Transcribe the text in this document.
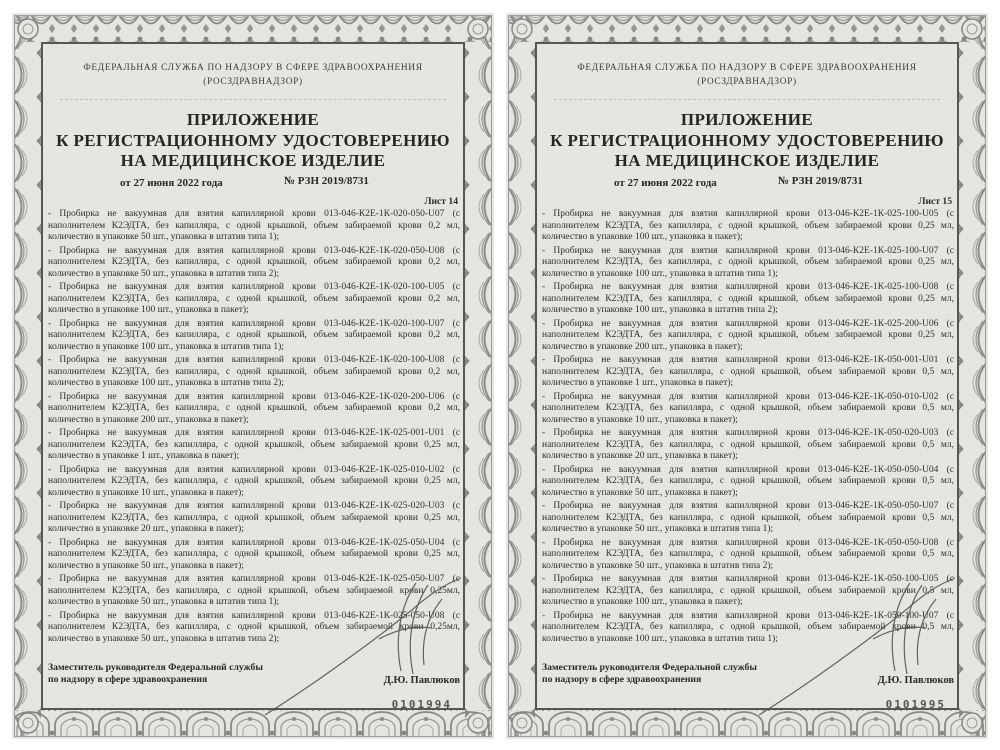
ФЕДЕРАЛЬНАЯ СЛУЖБА ПО НАДЗОРУ В СФЕРЕ ЗДРАВООХРАНЕНИЯ
(РОСЗДРАВНАДЗОР)
ПРИЛОЖЕНИЕ
К РЕГИСТРАЦИОННОМУ УДОСТОВЕРЕНИЮ
НА МЕДИЦИНСКОЕ ИЗДЕЛИЕ
от 27 июня 2022 года	№ РЗН 2019/8731
Лист 14

- Пробирка не вакуумная для взятия капиллярной крови 013-046-К2Е-1К-020-050-U07 (с наполнителем К2ЭДТА, без капилляра, с одной крышкой, объем забираемой крови 0,2 мл, количество в упаковке 50 шт., упаковка в штатив типа 1);

- Пробирка не вакуумная для взятия капиллярной крови 013-046-К2Е-1К-020-050-U08 (с наполнителем К2ЭДТА, без капилляра, с одной крышкой, объем забираемой крови 0,2 мл, количество в упаковке 50 шт., упаковка в штатив типа 2);

- Пробирка не вакуумная для взятия капиллярной крови 013-046-К2Е-1К-020-100-U05 (с наполнителем К2ЭДТА, без капилляра, с одной крышкой, объем забираемой крови 0,2 мл, количество в упаковке 100 шт., упаковка в пакет);

- Пробирка не вакуумная для взятия капиллярной крови 013-046-К2Е-1К-020-100-U07 (с наполнителем К2ЭДТА, без капилляра, с одной крышкой, объем забираемой крови 0,2 мл, количество в упаковке 100 шт., упаковка в штатив типа 1);

- Пробирка не вакуумная для взятия капиллярной крови 013-046-К2Е-1К-020-100-U08 (с наполнителем К2ЭДТА, без капилляра, с одной крышкой, объем забираемой крови 0,2 мл, количество в упаковке 100 шт., упаковка в штатив типа 2);

- Пробирка не вакуумная для взятия капиллярной крови 013-046-К2Е-1К-020-200-U06 (с наполнителем К2ЭДТА, без капилляра, с одной крышкой, объем забираемой крови 0,2 мл, количество в упаковке 200 шт., упаковка в пакет);

- Пробирка не вакуумная для взятия капиллярной крови 013-046-К2Е-1К-025-001-U01 (с наполнителем К2ЭДТА, без капилляра, с одной крышкой, объем забираемой крови 0,25 мл, количество в упаковке 1 шт., упаковка в пакет);

- Пробирка не вакуумная для взятия капиллярной крови 013-046-К2Е-1К-025-010-U02 (с наполнителем К2ЭДТА, без капилляра, с одной крышкой, объем забираемой крови 0,25 мл, количество в упаковке 10 шт., упаковка в пакет);

- Пробирка не вакуумная для взятия капиллярной крови 013-046-К2Е-1К-025-020-U03 (с наполнителем К2ЭДТА, без капилляра, с одной крышкой, объем забираемой крови 0,25 мл, количество в упаковке 20 шт., упаковка в пакет);

- Пробирка не вакуумная для взятия капиллярной крови 013-046-К2Е-1К-025-050-U04 (с наполнителем К2ЭДТА, без капилляра, с одной крышкой, объем забираемой крови 0,25 мл, количество в упаковке 50 шт., упаковка в пакет);

- Пробирка не вакуумная для взятия капиллярной крови 013-046-К2Е-1К-025-050-U07 (с наполнителем К2ЭДТА, без капилляра, с одной крышкой, объем забираемой крови 0,25мл, количество в упаковке 50 шт., упаковка в штатив типа 1);

- Пробирка не вакуумная для взятия капиллярной крови 013-046-К2Е-1К-025-050-U08 (с наполнителем К2ЭДТА, без капилляра, с одной крышкой, объем забираемой крови 0,25мл, количество в упаковке 50 шт., упаковка в штатив типа 2);

Заместитель руководителя Федеральной службы
по надзору в сфере здравоохранения	Д.Ю. Павлюков
0101994
ФЕДЕРАЛЬНАЯ СЛУЖБА ПО НАДЗОРУ В СФЕРЕ ЗДРАВООХРАНЕНИЯ
(РОСЗДРАВНАДЗОР)
ПРИЛОЖЕНИЕ
К РЕГИСТРАЦИОННОМУ УДОСТОВЕРЕНИЮ
НА МЕДИЦИНСКОЕ ИЗДЕЛИЕ
от 27 июня 2022 года	№ РЗН 2019/8731
Лист 15

- Пробирка не вакуумная для взятия капиллярной крови 013-046-К2Е-1К-025-100-U05 (с наполнителем К2ЭДТА, без капилляра, с одной крышкой, объем забираемой крови 0,25 мл, количество в упаковке 100 шт., упаковка в пакет);

- Пробирка не вакуумная для взятия капиллярной крови 013-046-К2Е-1К-025-100-U07 (с наполнителем К2ЭДТА, без капилляра, с одной крышкой, объем забираемой крови 0,25 мл, количество в упаковке 100 шт., упаковка в штатив типа 1);

- Пробирка не вакуумная для взятия капиллярной крови 013-046-К2Е-1К-025-100-U08 (с наполнителем К2ЭДТА, без капилляра, с одной крышкой, объем забираемой крови 0,25 мл, количество в упаковке 100 шт., упаковка в штатив типа 2);

- Пробирка не вакуумная для взятия капиллярной крови 013-046-К2Е-1К-025-200-U06 (с наполнителем К2ЭДТА, без капилляра, с одной крышкой, объем забираемой крови 0,25 мл, количество в упаковке 200 шт., упаковка в пакет);

- Пробирка не вакуумная для взятия капиллярной крови 013-046-К2Е-1К-050-001-U01 (с наполнителем К2ЭДТА, без капилляра, с одной крышкой, объем забираемой крови 0,5 мл, количество в упаковке 1 шт., упаковка в пакет);

- Пробирка не вакуумная для взятия капиллярной крови 013-046-К2Е-1К-050-010-U02 (с наполнителем К2ЭДТА, без капилляра, с одной крышкой, объем забираемой крови 0,5 мл, количество в упаковке 10 шт., упаковка в пакет);

- Пробирка не вакуумная для взятия капиллярной крови 013-046-К2Е-1К-050-020-U03 (с наполнителем К2ЭДТА, без капилляра, с одной крышкой, объем забираемой крови 0,5 мл, количество в упаковке 20 шт., упаковка в пакет);

- Пробирка не вакуумная для взятия капиллярной крови 013-046-К2Е-1К-050-050-U04 (с наполнителем К2ЭДТА, без капилляра, с одной крышкой, объем забираемой крови 0,5 мл, количество в упаковке 50 шт., упаковка в пакет);

- Пробирка не вакуумная для взятия капиллярной крови 013-046-К2Е-1К-050-050-U07 (с наполнителем К2ЭДТА, без капилляра, с одной крышкой, объем забираемой крови 0,5 мл, количество в упаковке 50 шт., упаковка в штатив типа 1);

- Пробирка не вакуумная для взятия капиллярной крови 013-046-К2Е-1К-050-050-U08 (с наполнителем К2ЭДТА, без капилляра, с одной крышкой, объем забираемой крови 0,5 мл, количество в упаковке 50 шт., упаковка в штатив типа 2);

- Пробирка не вакуумная для взятия капиллярной крови 013-046-К2Е-1К-050-100-U05 (с наполнителем К2ЭДТА, без капилляра, с одной крышкой, объем забираемой крови 0,5 мл, количество в упаковке 100 шт., упаковка в пакет);

- Пробирка не вакуумная для взятия капиллярной крови 013-046-К2Е-1К-050-100-U07 (с наполнителем К2ЭДТА, без капилляра, с одной крышкой, объем забираемой крови 0,5 мл, количество в упаковке 100 шт., упаковка в штатив типа 1);

Заместитель руководителя Федеральной службы
по надзору в сфере здравоохранения	Д.Ю. Павлюков
0101995
